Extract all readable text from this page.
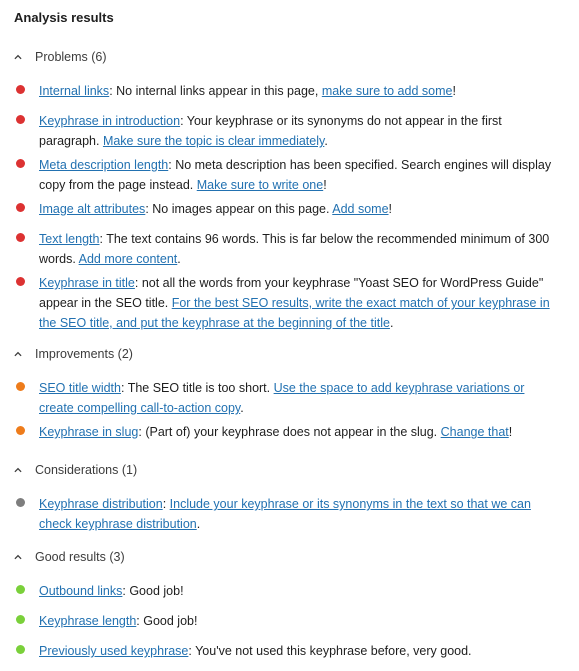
Analysis results
Problems (6)
Internal links: No internal links appear in this page, make sure to add some!
Keyphrase in introduction: Your keyphrase or its synonyms do not appear in the first paragraph. Make sure the topic is clear immediately.
Meta description length: No meta description has been specified. Search engines will display copy from the page instead. Make sure to write one!
Image alt attributes: No images appear on this page. Add some!
Text length: The text contains 96 words. This is far below the recommended minimum of 300 words. Add more content.
Keyphrase in title: not all the words from your keyphrase "Yoast SEO for WordPress Guide" appear in the SEO title. For the best SEO results, write the exact match of your keyphrase in the SEO title, and put the keyphrase at the beginning of the title.
Improvements (2)
SEO title width: The SEO title is too short. Use the space to add keyphrase variations or create compelling call-to-action copy.
Keyphrase in slug: (Part of) your keyphrase does not appear in the slug. Change that!
Considerations (1)
Keyphrase distribution: Include your keyphrase or its synonyms in the text so that we can check keyphrase distribution.
Good results (3)
Outbound links: Good job!
Keyphrase length: Good job!
Previously used keyphrase: You've not used this keyphrase before, very good.
